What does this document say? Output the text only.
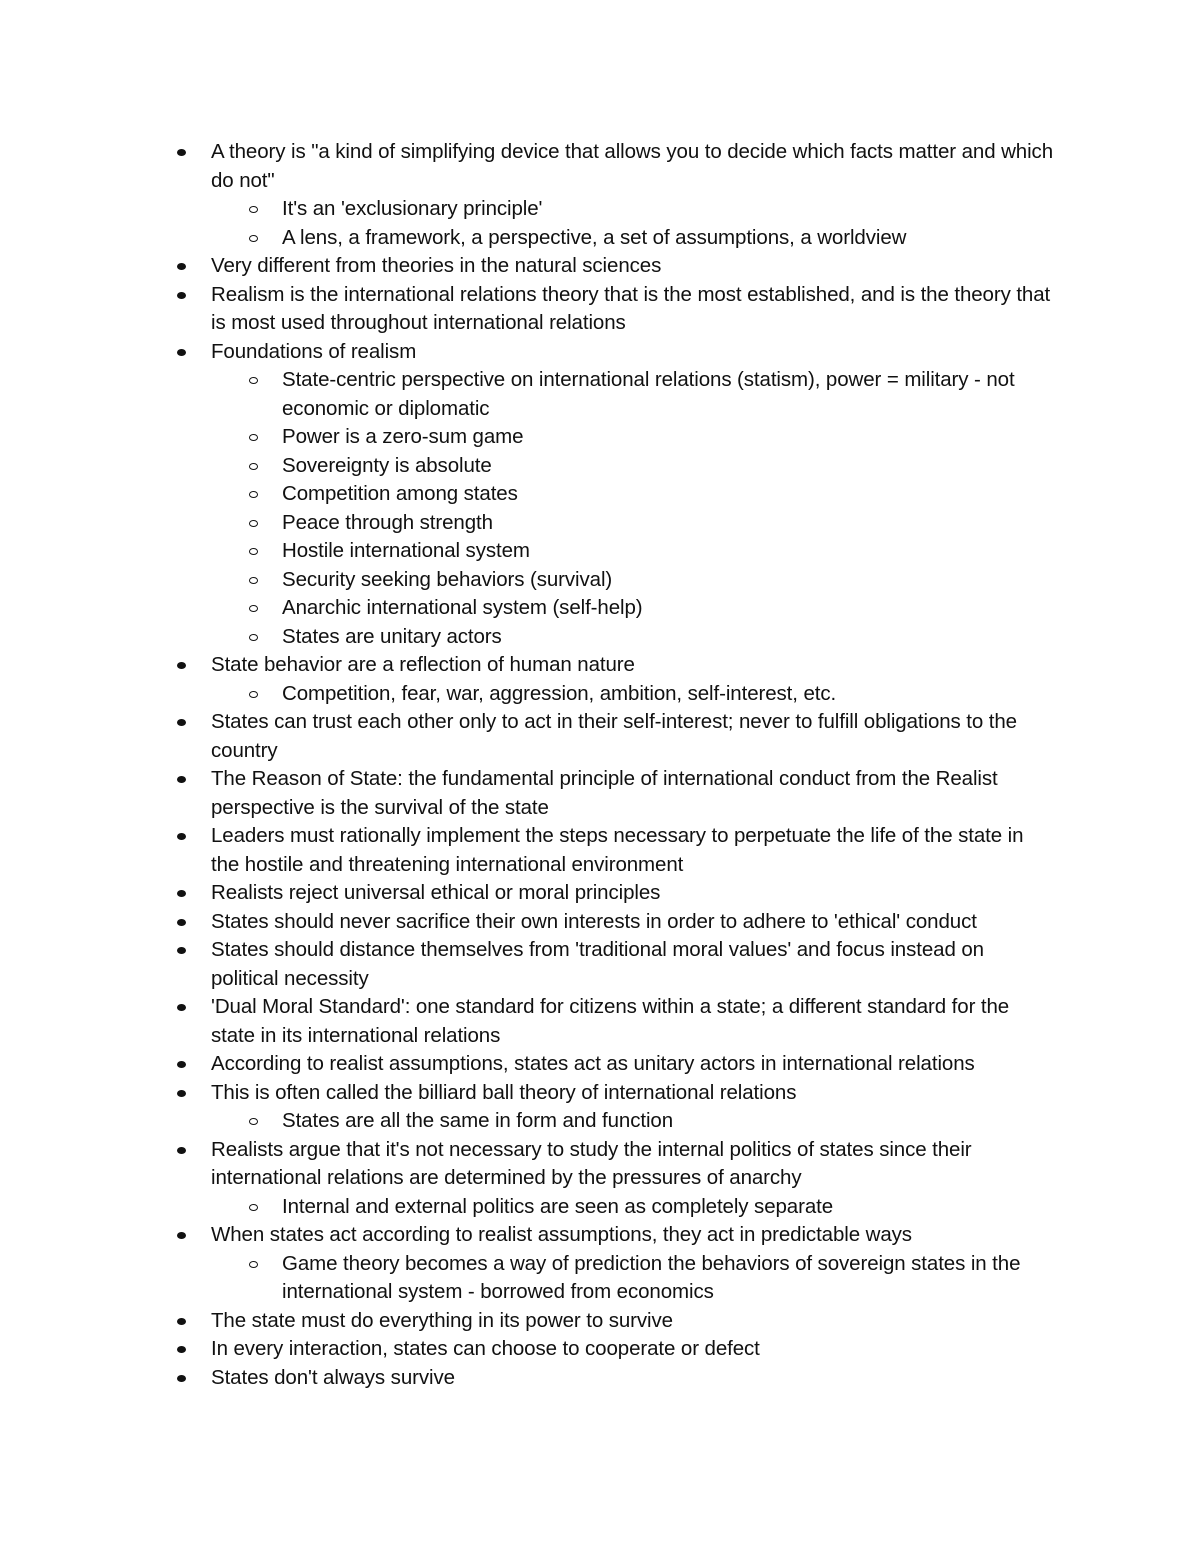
A theory is "a kind of simplifying device that allows you to decide which facts matter and which do not"
It's an 'exclusionary principle'
A lens, a framework, a perspective, a set of assumptions, a worldview
Very different from theories in the natural sciences
Realism is the international relations theory that is the most established, and is the theory that is most used throughout international relations
Foundations of realism
State-centric perspective on international relations (statism), power = military - not economic or diplomatic
Power is a zero-sum game
Sovereignty is absolute
Competition among states
Peace through strength
Hostile international system
Security seeking behaviors (survival)
Anarchic international system (self-help)
States are unitary actors
State behavior are a reflection of human nature
Competition, fear, war, aggression, ambition, self-interest, etc.
States can trust each other only to act in their self-interest; never to fulfill obligations to the country
The Reason of State: the fundamental principle of international conduct from the Realist perspective is the survival of the state
Leaders must rationally implement the steps necessary to perpetuate the life of the state in the hostile and threatening international environment
Realists reject universal ethical or moral principles
States should never sacrifice their own interests in order to adhere to 'ethical' conduct
States should distance themselves from 'traditional moral values' and focus instead on political necessity
'Dual Moral Standard': one standard for citizens within a state; a different standard for the state in its international relations
According to realist assumptions, states act as unitary actors in international relations
This is often called the billiard ball theory of international relations
States are all the same in form and function
Realists argue that it's not necessary to study the internal politics of states since their international relations are determined by the pressures of anarchy
Internal and external politics are seen as completely separate
When states act according to realist assumptions, they act in predictable ways
Game theory becomes a way of prediction the behaviors of sovereign states in the international system - borrowed from economics
The state must do everything in its power to survive
In every interaction, states can choose to cooperate or defect
States don't always survive
